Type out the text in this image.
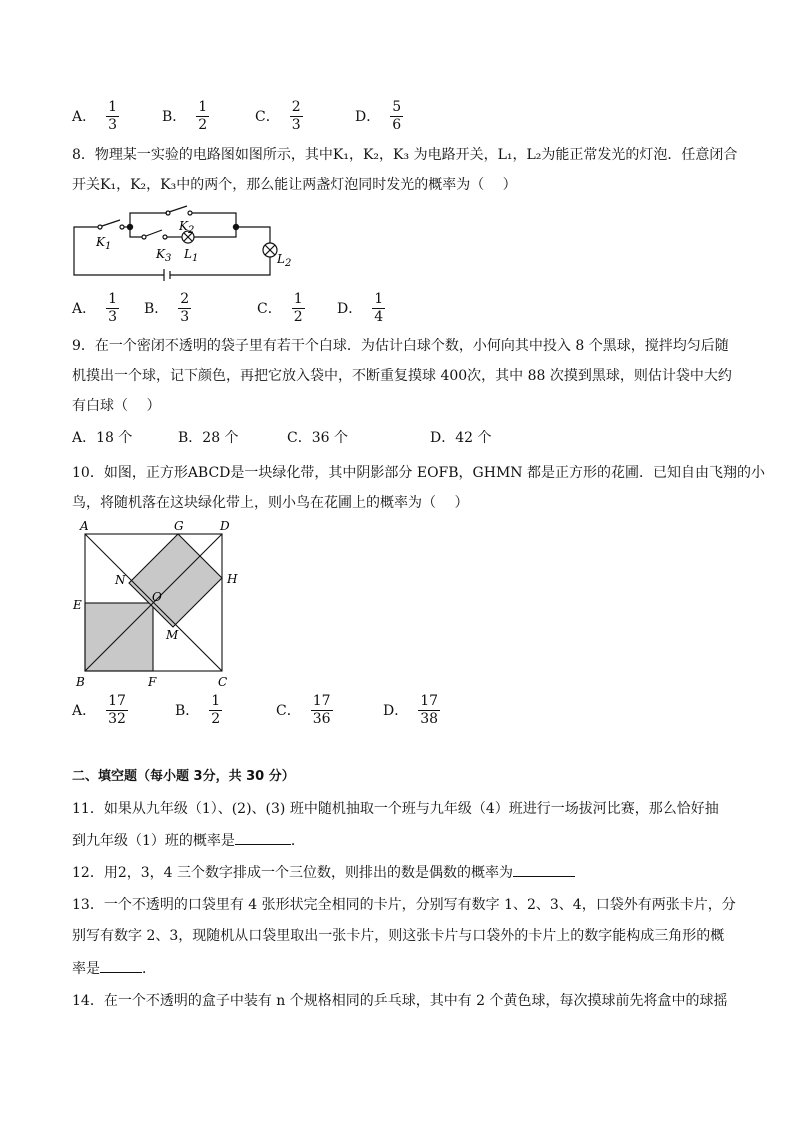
A． $\frac{1}{3}$	B． $\frac{1}{2}$	C． $\frac{2}{3}$	D． $\frac{5}{6}$
8．物理某一实验的电路图如图所示，其中K₁，K₂，K₃ 为电路开关，L₁，L₂为能正常发光的灯泡．任意闭合
开关K₁，K₂，K₃中的两个，那么能让两盏灯泡同时发光的概率为（　 ）
$K_1$
$K_2$
$K_3$ $L_1$	$L_2$
A． $\frac{1}{3}$ B． $\frac{2}{3}$	C． $\frac{1}{2}$ D． $\frac{1}{4}$
9．在一个密闭不透明的袋子里有若干个白球．为估计白球个数，小何向其中投入 8 个黑球，搅拌均匀后随
机摸出一个球，记下颜色，再把它放入袋中，不断重复摸球 400次，其中 88 次摸到黑球，则估计袋中大约
有白球（　 ）
A．18 个	B．28 个	C．36 个	D．42 个
10．如图，正方形ABCD是一块绿化带，其中阴影部分 EOFB，GHMN 都是正方形的花圃．已知自由飞翔的小
鸟，将随机落在这块绿化带上，则小鸟在花圃上的概率为（　 ）
A	G	D
H
N
O
E
M
B	F	C
A． $\frac{17}{32}$	B． $\frac{1}{2}$	C． $\frac{17}{36}$	D． $\frac{17}{38}$
二、填空题（每小题 3分，共 30 分）
11．如果从九年级（1）、(2)、(3) 班中随机抽取一个班与九年级（4）班进行一场拔河比赛，那么恰好抽
到九年级（1）班的概率是	．
12．用2，3，4 三个数字排成一个三位数，则排出的数是偶数的概率为
13．一个不透明的口袋里有 4 张形状完全相同的卡片，分别写有数字 1、2、3、4，口袋外有两张卡片，分
别写有数字 2、3，现随机从口袋里取出一张卡片，则这张卡片与口袋外的卡片上的数字能构成三角形的概
率是	．
14．在一个不透明的盒子中装有 n 个规格相同的乒乓球，其中有 2 个黄色球，每次摸球前先将盒中的球摇
